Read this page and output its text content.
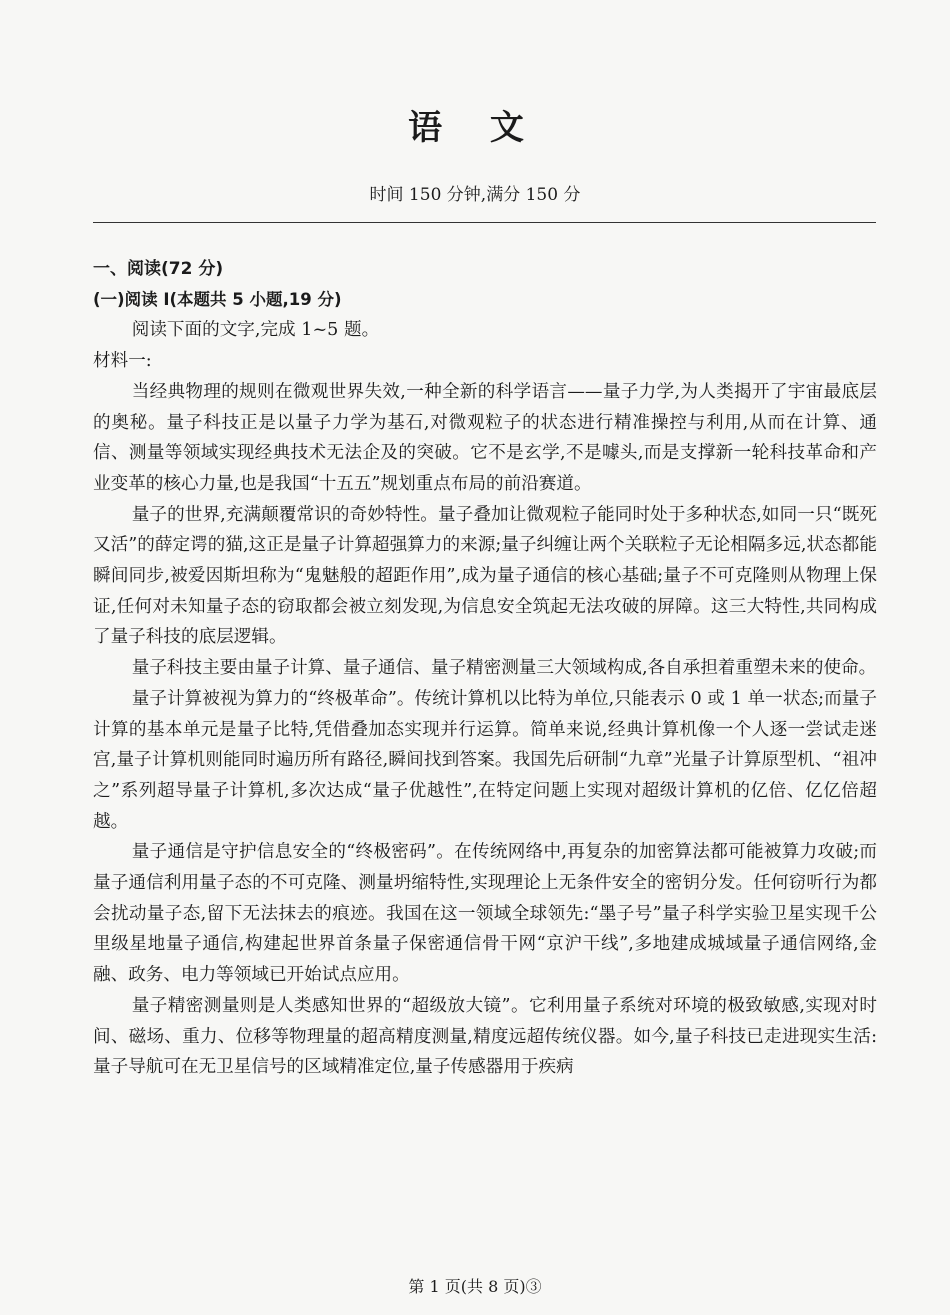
语 文
时间 150 分钟,满分 150 分

一、阅读(72 分)

(一)阅读 I(本题共 5 小题,19 分)

阅读下面的文字,完成 1~5 题。

材料一:

当经典物理的规则在微观世界失效,一种全新的科学语言——量子力学,为人类揭开了宇宙最底层的奥秘。量子科技正是以量子力学为基石,对微观粒子的状态进行精准操控与利用,从而在计算、通信、测量等领域实现经典技术无法企及的突破。它不是玄学,不是噱头,而是支撑新一轮科技革命和产业变革的核心力量,也是我国“十五五”规划重点布局的前沿赛道。

量子的世界,充满颠覆常识的奇妙特性。量子叠加让微观粒子能同时处于多种状态,如同一只“既死又活”的薛定谔的猫,这正是量子计算超强算力的来源;量子纠缠让两个关联粒子无论相隔多远,状态都能瞬间同步,被爱因斯坦称为“鬼魅般的超距作用”,成为量子通信的核心基础;量子不可克隆则从物理上保证,任何对未知量子态的窃取都会被立刻发现,为信息安全筑起无法攻破的屏障。这三大特性,共同构成了量子科技的底层逻辑。

量子科技主要由量子计算、量子通信、量子精密测量三大领域构成,各自承担着重塑未来的使命。

量子计算被视为算力的“终极革命”。传统计算机以比特为单位,只能表示 0 或 1 单一状态;而量子计算的基本单元是量子比特,凭借叠加态实现并行运算。简单来说,经典计算机像一个人逐一尝试走迷宫,量子计算机则能同时遍历所有路径,瞬间找到答案。我国先后研制“九章”光量子计算原型机、“祖冲之”系列超导量子计算机,多次达成“量子优越性”,在特定问题上实现对超级计算机的亿倍、亿亿倍超越。

量子通信是守护信息安全的“终极密码”。在传统网络中,再复杂的加密算法都可能被算力攻破;而量子通信利用量子态的不可克隆、测量坍缩特性,实现理论上无条件安全的密钥分发。任何窃听行为都会扰动量子态,留下无法抹去的痕迹。我国在这一领域全球领先:“墨子号”量子科学实验卫星实现千公里级星地量子通信,构建起世界首条量子保密通信骨干网“京沪干线”,多地建成城域量子通信网络,金融、政务、电力等领域已开始试点应用。

量子精密测量则是人类感知世界的“超级放大镜”。它利用量子系统对环境的极致敏感,实现对时间、磁场、重力、位移等物理量的超高精度测量,精度远超传统仪器。如今,量子科技已走进现实生活:量子导航可在无卫星信号的区域精准定位,量子传感器用于疾病

第 1 页(共 8 页)③
